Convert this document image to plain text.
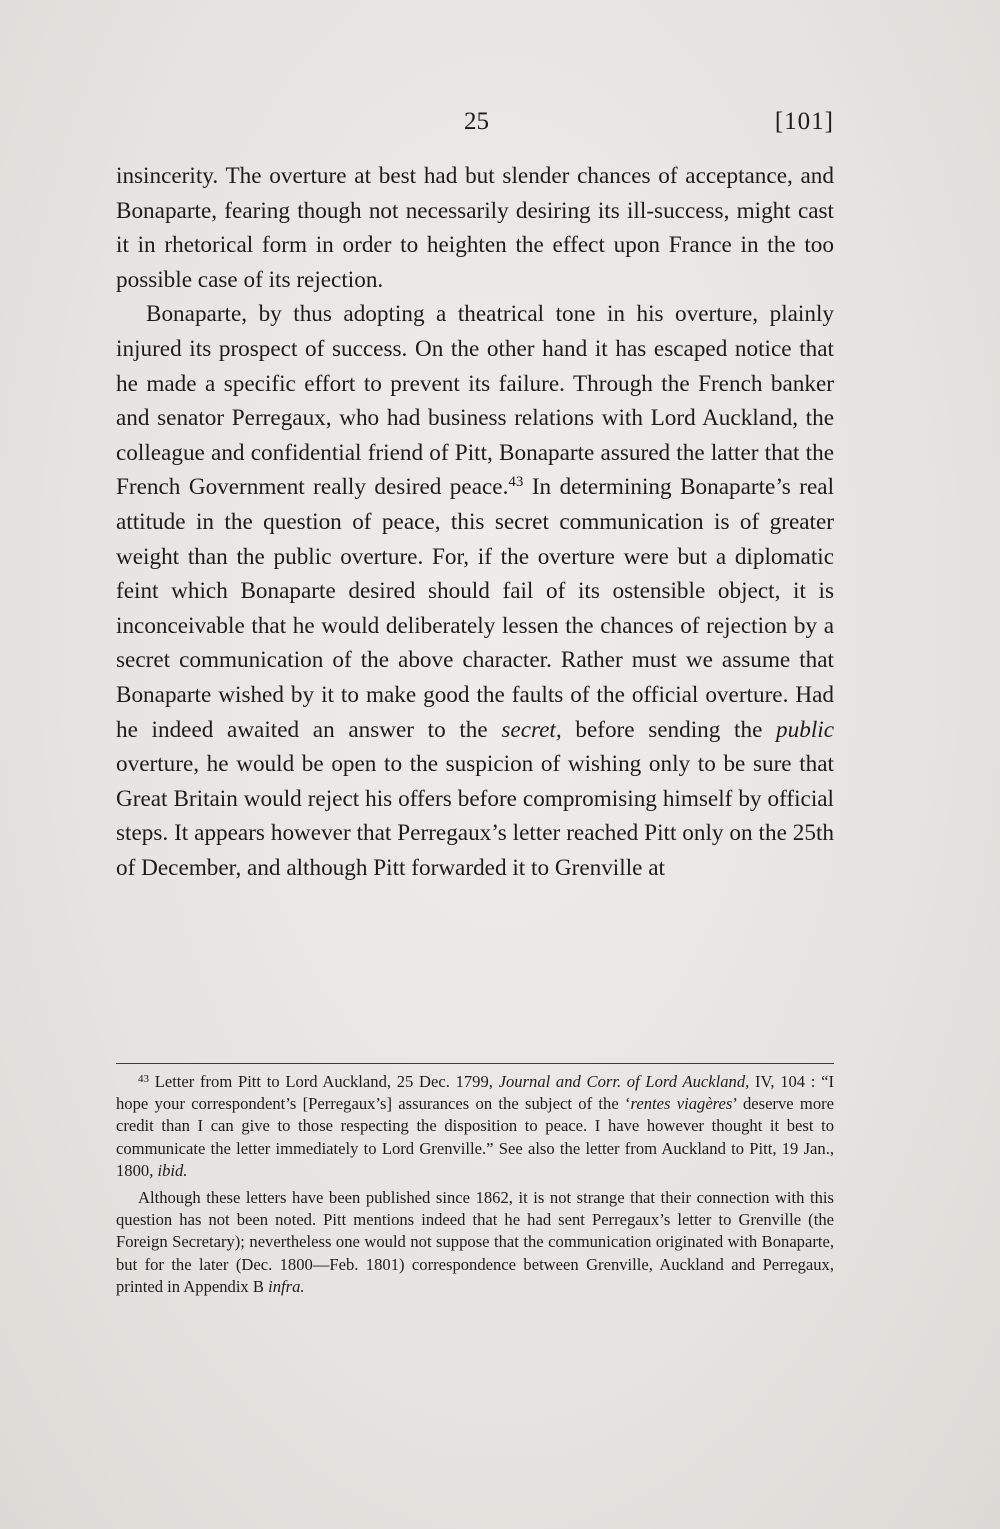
25	[101]

insincerity. The overture at best had but slender chances of acceptance, and Bonaparte, fearing though not necessarily desiring its ill-success, might cast it in rhetorical form in order to heighten the effect upon France in the too possible case of its rejection.

Bonaparte, by thus adopting a theatrical tone in his overture, plainly injured its prospect of success. On the other hand it has escaped notice that he made a specific effort to prevent its failure. Through the French banker and senator Perregaux, who had business relations with Lord Auckland, the colleague and confidential friend of Pitt, Bonaparte assured the latter that the French Government really desired peace.$^{43}$ In determining Bonaparte’s real attitude in the question of peace, this secret communication is of greater weight than the public overture. For, if the overture were but a diplomatic feint which Bonaparte desired should fail of its ostensible object, it is inconceivable that he would deliberately lessen the chances of rejection by a secret communication of the above character. Rather must we assume that Bonaparte wished by it to make good the faults of the official overture. Had he indeed awaited an answer to the secret, before sending the public overture, he would be open to the suspicion of wishing only to be sure that Great Britain would reject his offers before compromising himself by official steps. It appears however that Perregaux’s letter reached Pitt only on the 25th of December, and although Pitt forwarded it to Grenville at

$^{43}$ Letter from Pitt to Lord Auckland, 25 Dec. 1799, Journal and Corr. of Lord Auckland, IV, 104 : “I hope your correspondent’s [Perregaux’s] assurances on the subject of the ‘rentes viagères’ deserve more credit than I can give to those respecting the disposition to peace. I have however thought it best to communicate the letter immediately to Lord Grenville.” See also the letter from Auckland to Pitt, 19 Jan., 1800, ibid.

Although these letters have been published since 1862, it is not strange that their connection with this question has not been noted. Pitt mentions indeed that he had sent Perregaux’s letter to Grenville (the Foreign Secretary); nevertheless one would not suppose that the communication originated with Bonaparte, but for the later (Dec. 1800—Feb. 1801) correspondence between Grenville, Auckland and Perregaux, printed in Appendix B infra.
